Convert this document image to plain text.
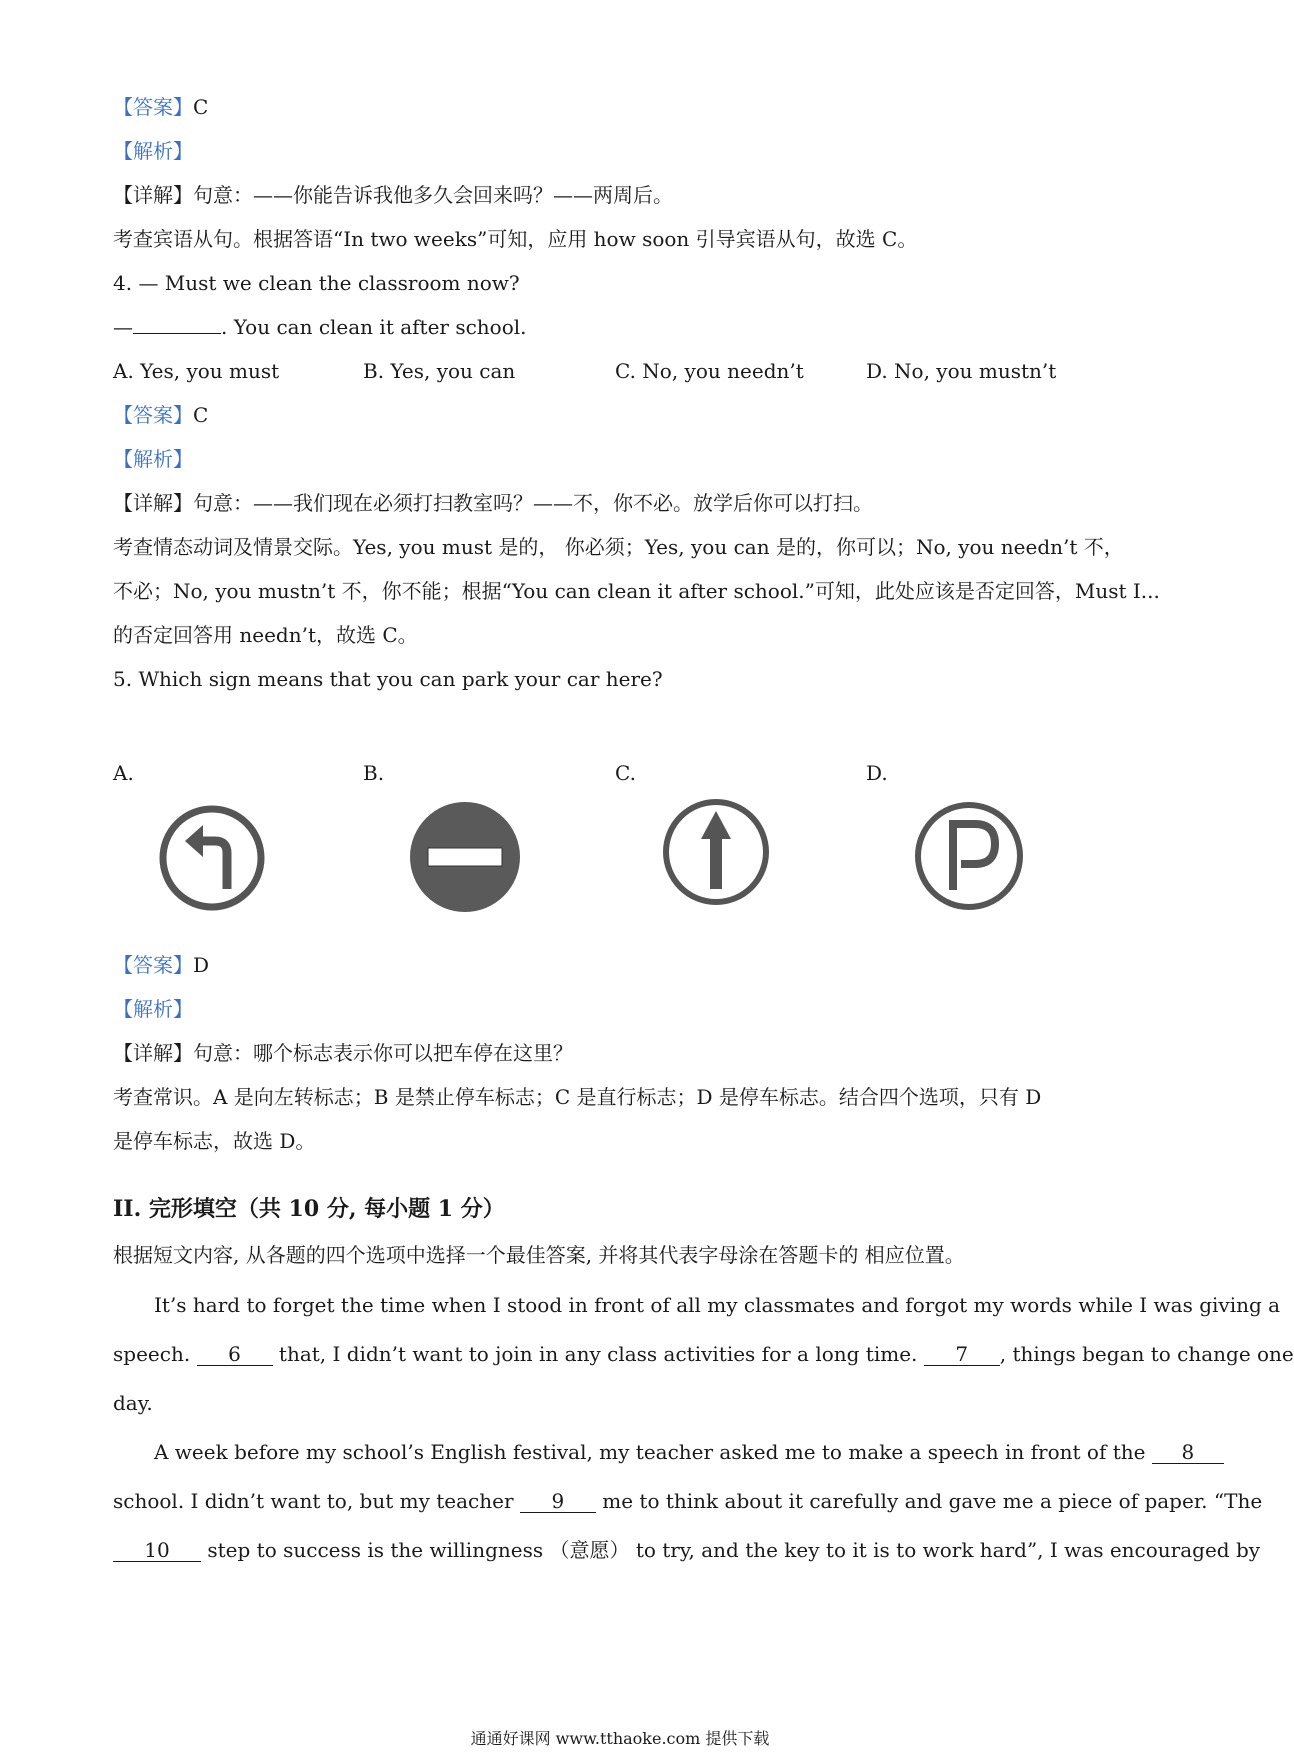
【答案】C
【解析】
【详解】句意：——你能告诉我他多久会回来吗？——两周后。
考查宾语从句。根据答语“In two weeks”可知，应用 how soon 引导宾语从句，故选 C。
4. — Must we clean the classroom now?
—	. You can clean it after school.
A. Yes, you must	B. Yes, you can	C. No, you needn’t	D. No, you mustn’t
【答案】C
【解析】
【详解】句意：——我们现在必须打扫教室吗？——不，你不必。放学后你可以打扫。
考查情态动词及情景交际。Yes, you must 是的， 你必须；Yes, you can 是的，你可以；No, you needn’t 不，
不必；No, you mustn’t 不，你不能；根据“You can clean it after school.”可知，此处应该是否定回答，Must I...
的否定回答用 needn’t，故选 C。
5. Which sign means that you can park your car here?
A.	B.	C.	D.
【答案】D
【解析】
【详解】句意：哪个标志表示你可以把车停在这里？
考查常识。A 是向左转标志；B 是禁止停车标志；C 是直行标志；D 是停车标志。结合四个选项，只有 D
是停车标志，故选 D。
II. 完形填空（共 10 分, 每小题 1 分）
根据短文内容, 从各题的四个选项中选择一个最佳答案, 并将其代表字母涂在答题卡的 相应位置。
It’s hard to forget the time when I stood in front of all my classmates and forgot my words while I was giving a
speech. 6 that, I didn’t want to join in any class activities for a long time. 7 , things began to change one
day.
A week before my school’s English festival, my teacher asked me to make a speech in front of the 8
school. I didn’t want to, but my teacher 9 me to think about it carefully and gave me a piece of paper. “The
10 step to success is the willingness （意愿） to try, and the key to it is to work hard”, I was encouraged by
通通好课网 www.tthaoke.com 提供下载
